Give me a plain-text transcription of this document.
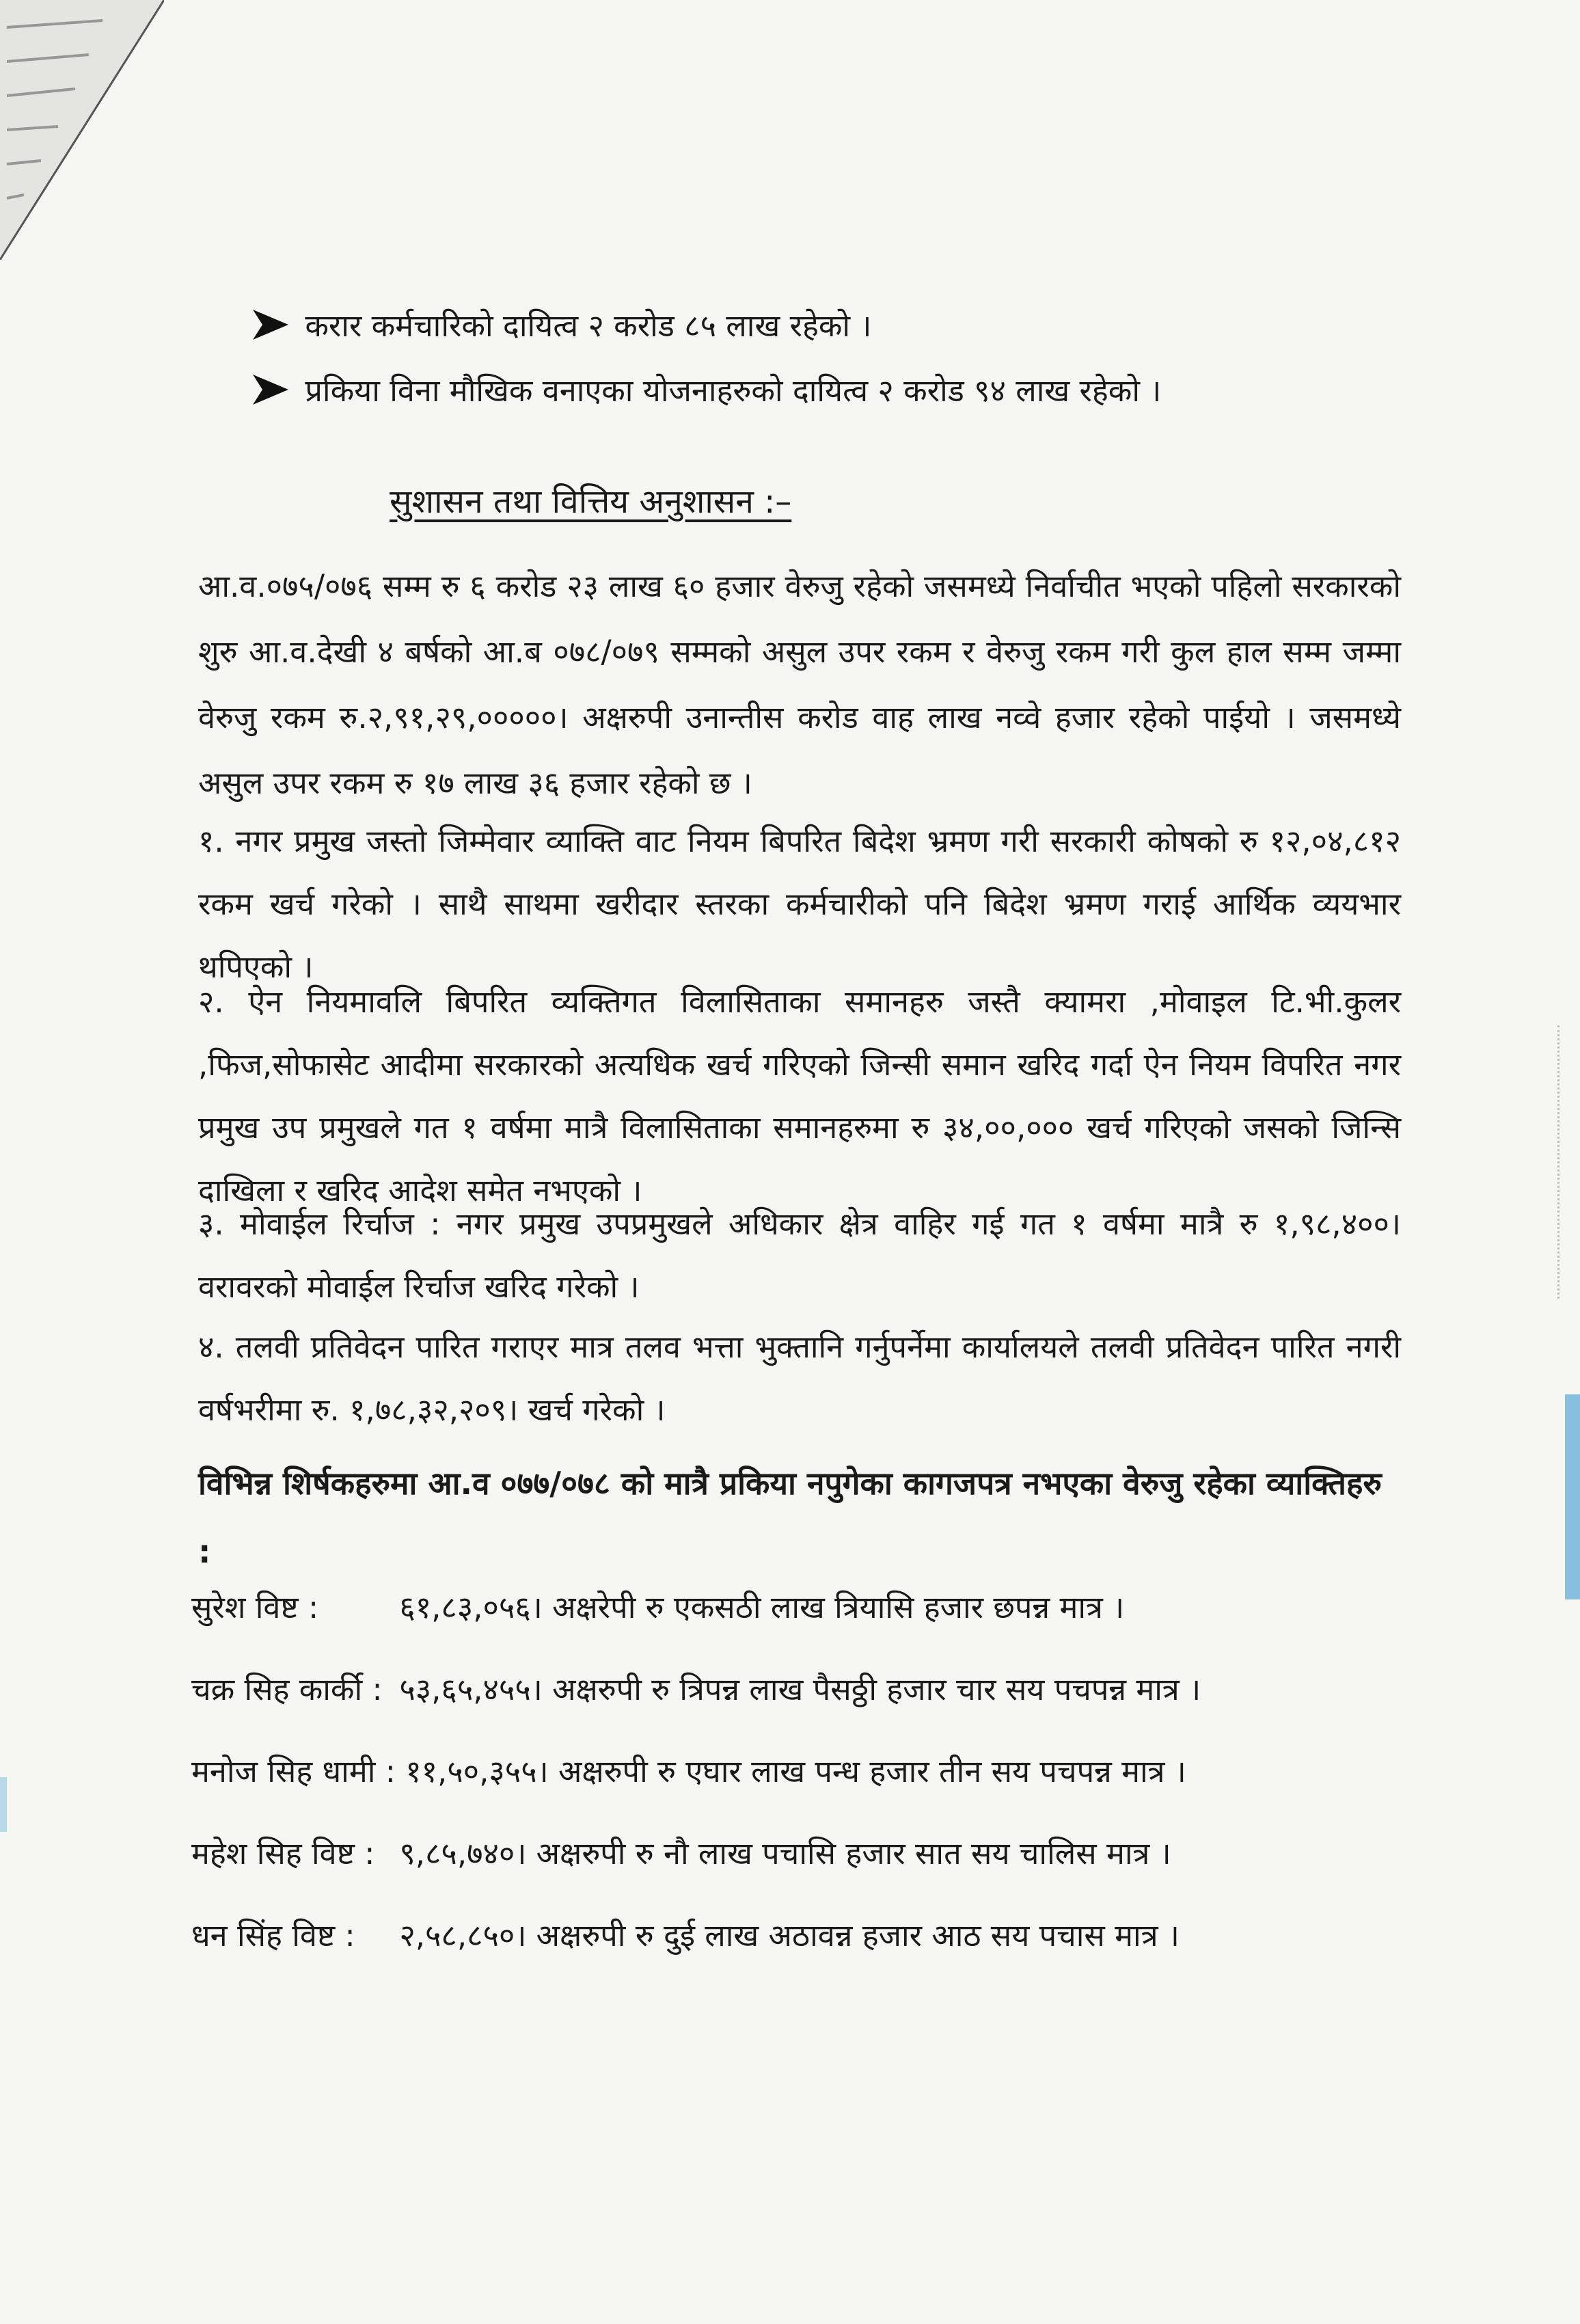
करार कर्मचारिको दायित्व २ करोड ८५ लाख रहेको ।
प्रकिया विना मौखिक वनाएका योजनाहरुको दायित्व २ करोड ९४ लाख रहेको ।
सुशासन तथा वित्तिय अनुशासन :–
आ.व.०७५/०७६ सम्म रु ६ करोड २३ लाख ६० हजार वेरुजु रहेको जसमध्ये निर्वाचीत भएको पहिलो सरकारको शुरु आ.व.देखी ४ बर्षको आ.ब ०७८/०७९ सम्मको असुल उपर रकम र वेरुजु रकम गरी कुल हाल सम्म जम्मा वेरुजु रकम रु.२,९१,२९,०००००। अक्षरुपी उनान्तीस करोड वाह लाख नव्वे हजार रहेको पाईयो । जसमध्ये असुल उपर रकम रु १७ लाख ३६ हजार रहेको छ ।
१. नगर प्रमुख जस्तो जिम्मेवार व्याक्ति वाट नियम बिपरित बिदेश भ्रमण गरी सरकारी कोषको रु १२,०४,८१२ रकम खर्च गरेको । साथै साथमा खरीदार स्तरका कर्मचारीको पनि बिदेश भ्रमण गराई आर्थिक व्ययभार थपिएको ।
२. ऐन नियमावलि बिपरित व्यक्तिगत विलासिताका समानहरु जस्तै क्यामरा ,मोवाइल टि.भी.कुलर ,फिज,सोफासेट आदीमा सरकारको अत्यधिक खर्च गरिएको जिन्सी समान खरिद गर्दा ऐन नियम विपरित नगर प्रमुख उप प्रमुखले गत १ वर्षमा मात्रै विलासिताका समानहरुमा रु ३४,००,००० खर्च गरिएको जसको जिन्सि दाखिला र खरिद आदेश समेत नभएको ।
३. मोवाईल रिर्चाज : नगर प्रमुख उपप्रमुखले अधिकार क्षेत्र वाहिर गई गत १ वर्षमा मात्रै रु १,९८,४००। वरावरको मोवाईल रिर्चाज खरिद गरेको ।
४. तलवी प्रतिवेदन पारित गराएर मात्र तलव भत्ता भुक्तानि गर्नुपर्नेमा कार्यालयले तलवी प्रतिवेदन पारित नगरी वर्षभरीमा रु. १,७८,३२,२०९। खर्च गरेको ।
विभिन्न शिर्षकहरुमा आ.व ०७७/०७८ को मात्रै प्रकिया नपुगेका कागजपत्र नभएका वेरुजु रहेका व्याक्तिहरु :
सुरेश विष्ट :	६१,८३,०५६। अक्षरेपी रु एकसठी लाख त्रियासि हजार छपन्न मात्र ।
चक्र सिह कार्की : ५३,६५,४५५। अक्षरुपी रु त्रिपन्न लाख पैसठ्ठी हजार चार सय पचपन्न मात्र ।
मनोज सिह धामी : ११,५०,३५५। अक्षरुपी रु एघार लाख पन्ध हजार तीन सय पचपन्न मात्र ।
महेश सिह विष्ट : ९,८५,७४०। अक्षरुपी रु नौ लाख पचासि हजार सात सय चालिस मात्र ।
धन सिंह विष्ट : २,५८,८५०। अक्षरुपी रु दुई लाख अठावन्न हजार आठ सय पचास मात्र ।
